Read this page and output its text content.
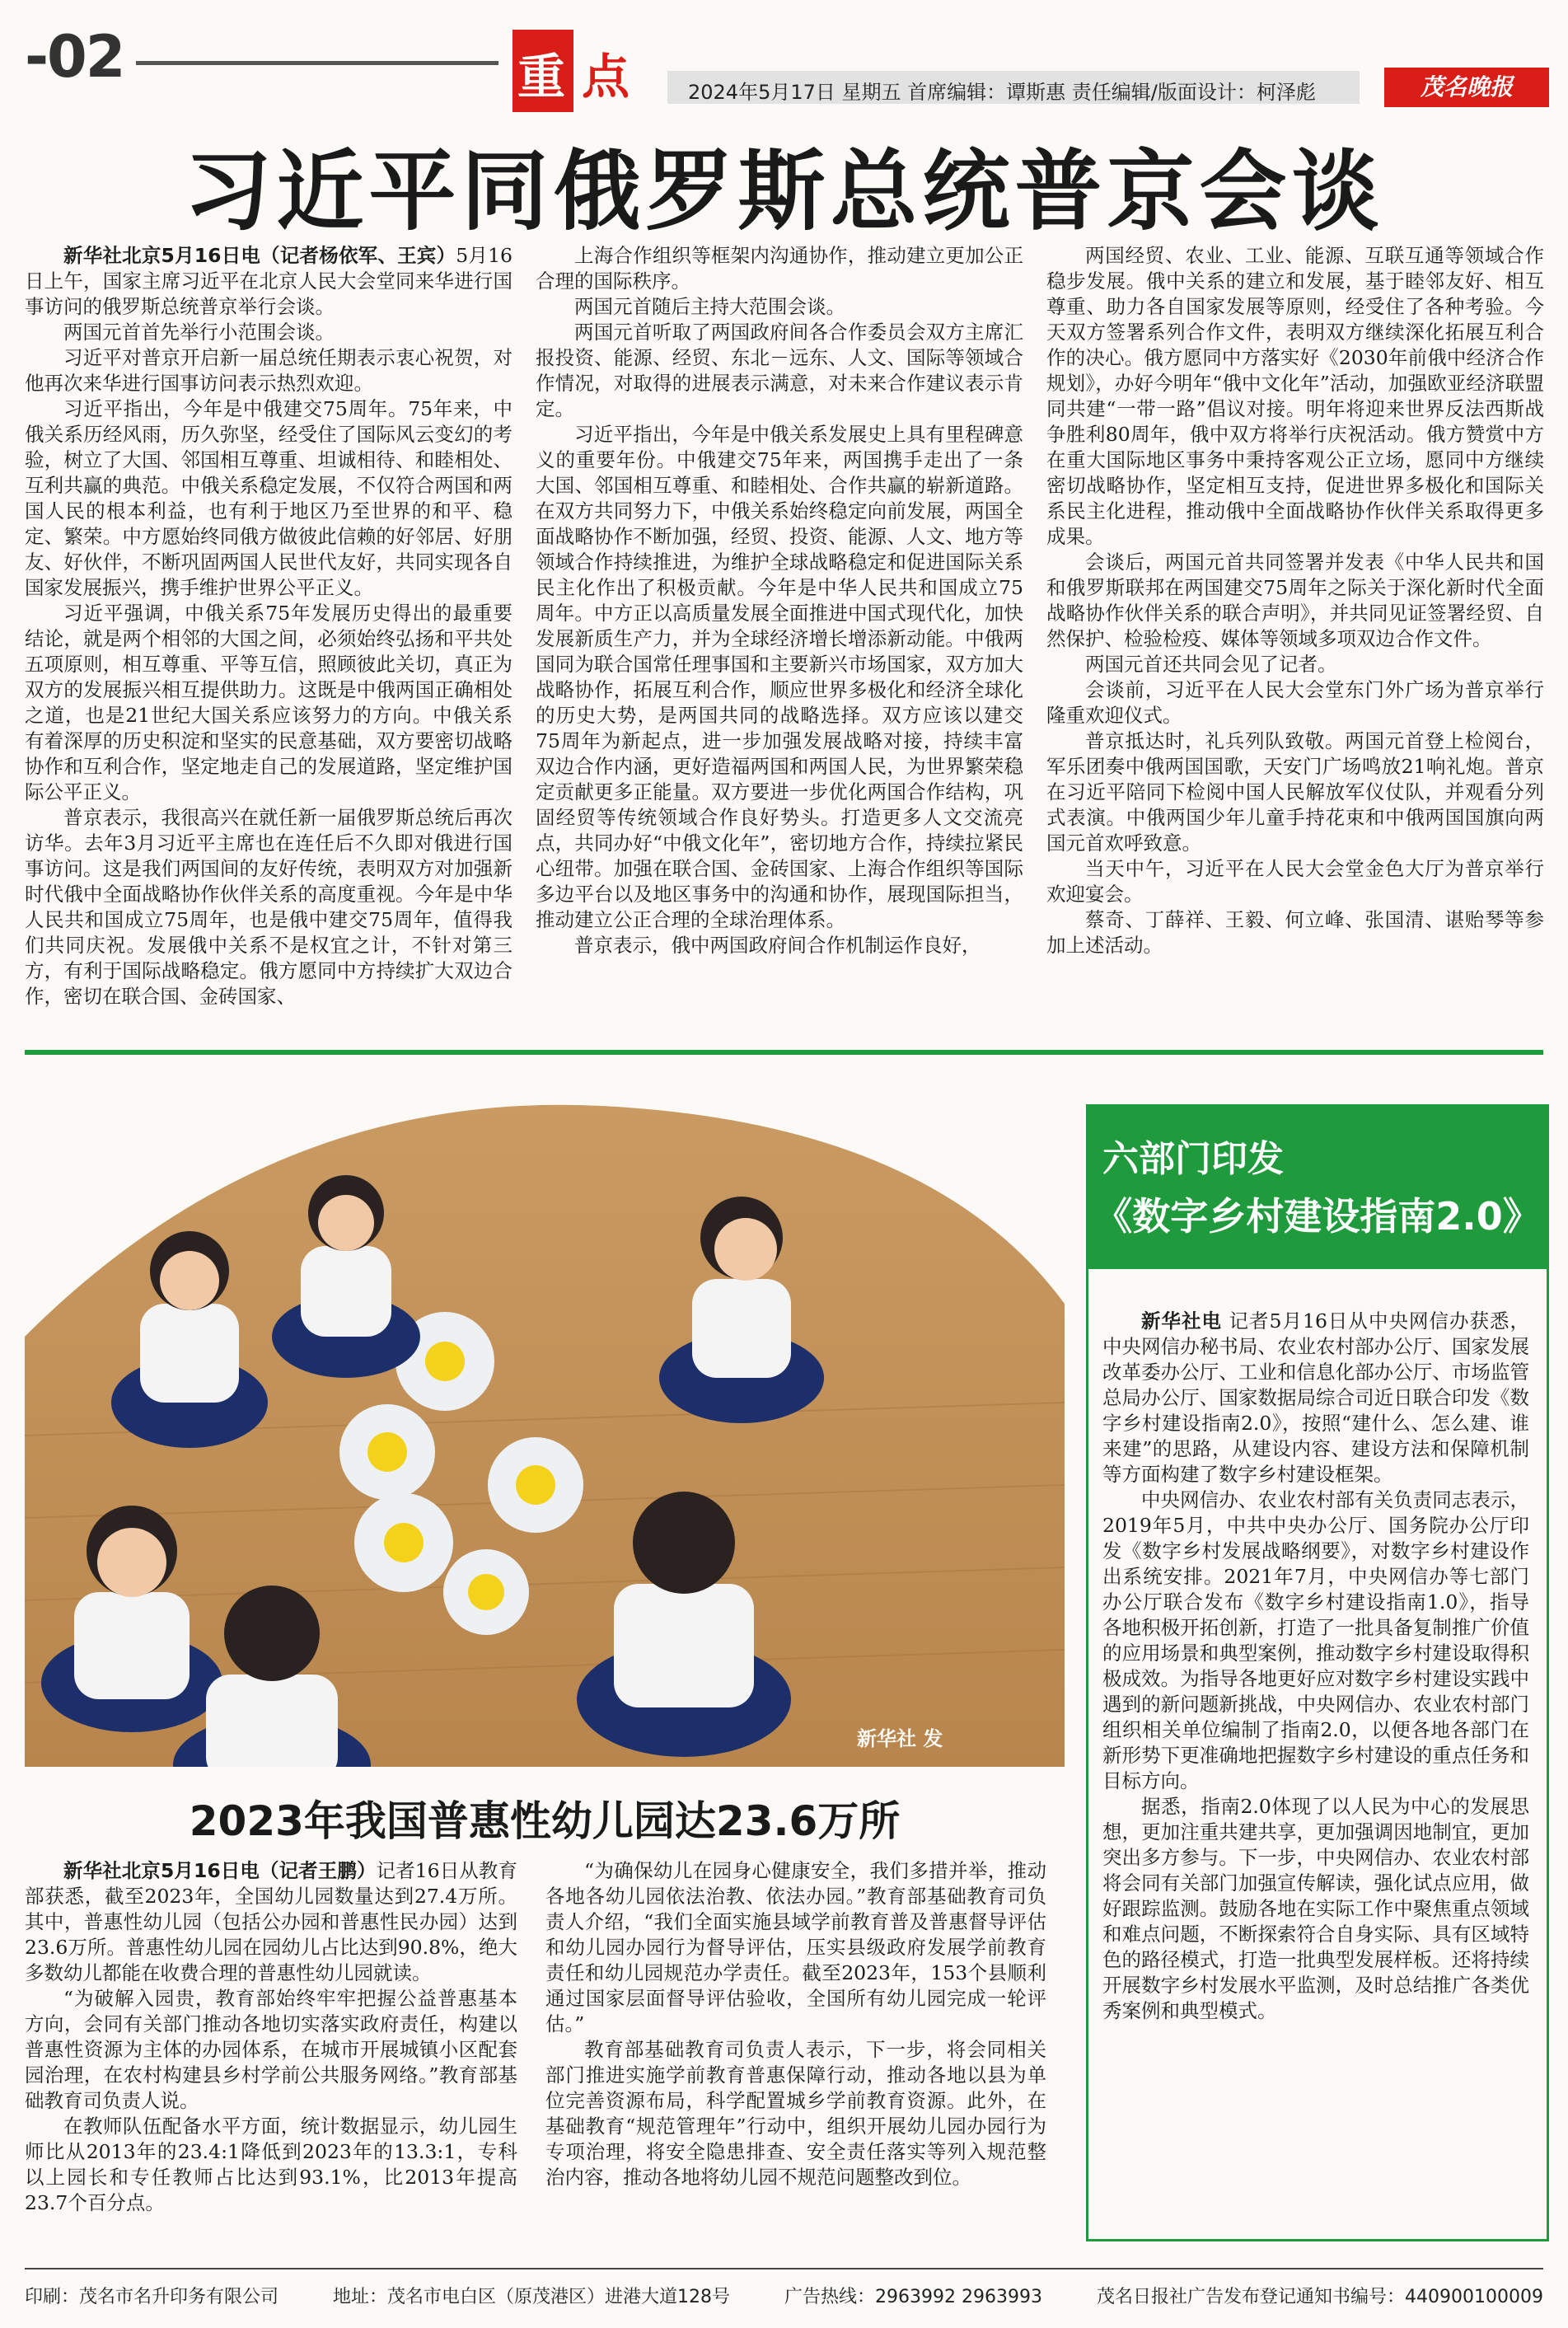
-02	重 点	2024年5月17日 星期五 首席编辑：谭斯惠 责任编辑/版面设计：柯泽彪	茂名晚报
习近平同俄罗斯总统普京会谈

新华社北京5月16日电（记者杨依军、王宾）5月16日上午，国家主席习近平在北京人民大会堂同来华进行国事访问的俄罗斯总统普京举行会谈。

两国元首首先举行小范围会谈。

习近平对普京开启新一届总统任期表示衷心祝贺，对他再次来华进行国事访问表示热烈欢迎。

习近平指出，今年是中俄建交75周年。75年来，中俄关系历经风雨，历久弥坚，经受住了国际风云变幻的考验，树立了大国、邻国相互尊重、坦诚相待、和睦相处、互利共赢的典范。中俄关系稳定发展，不仅符合两国和两国人民的根本利益，也有利于地区乃至世界的和平、稳定、繁荣。中方愿始终同俄方做彼此信赖的好邻居、好朋友、好伙伴，不断巩固两国人民世代友好，共同实现各自国家发展振兴，携手维护世界公平正义。

习近平强调，中俄关系75年发展历史得出的最重要结论，就是两个相邻的大国之间，必须始终弘扬和平共处五项原则，相互尊重、平等互信，照顾彼此关切，真正为双方的发展振兴相互提供助力。这既是中俄两国正确相处之道，也是21世纪大国关系应该努力的方向。中俄关系有着深厚的历史积淀和坚实的民意基础，双方要密切战略协作和互利合作，坚定地走自己的发展道路，坚定维护国际公平正义。

普京表示，我很高兴在就任新一届俄罗斯总统后再次访华。去年3月习近平主席也在连任后不久即对俄进行国事访问。这是我们两国间的友好传统，表明双方对加强新时代俄中全面战略协作伙伴关系的高度重视。今年是中华人民共和国成立75周年，也是俄中建交75周年，值得我们共同庆祝。发展俄中关系不是权宜之计，不针对第三方，有利于国际战略稳定。俄方愿同中方持续扩大双边合作，密切在联合国、金砖国家、

上海合作组织等框架内沟通协作，推动建立更加公正合理的国际秩序。

两国元首随后主持大范围会谈。

两国元首听取了两国政府间各合作委员会双方主席汇报投资、能源、经贸、东北－远东、人文、国际等领域合作情况，对取得的进展表示满意，对未来合作建议表示肯定。

习近平指出，今年是中俄关系发展史上具有里程碑意义的重要年份。中俄建交75年来，两国携手走出了一条大国、邻国相互尊重、和睦相处、合作共赢的崭新道路。在双方共同努力下，中俄关系始终稳定向前发展，两国全面战略协作不断加强，经贸、投资、能源、人文、地方等领域合作持续推进，为维护全球战略稳定和促进国际关系民主化作出了积极贡献。今年是中华人民共和国成立75周年。中方正以高质量发展全面推进中国式现代化，加快发展新质生产力，并为全球经济增长增添新动能。中俄两国同为联合国常任理事国和主要新兴市场国家，双方加大战略协作，拓展互利合作，顺应世界多极化和经济全球化的历史大势，是两国共同的战略选择。双方应该以建交75周年为新起点，进一步加强发展战略对接，持续丰富双边合作内涵，更好造福两国和两国人民，为世界繁荣稳定贡献更多正能量。双方要进一步优化两国合作结构，巩固经贸等传统领域合作良好势头。打造更多人文交流亮点，共同办好“中俄文化年”，密切地方合作，持续拉紧民心纽带。加强在联合国、金砖国家、上海合作组织等国际多边平台以及地区事务中的沟通和协作，展现国际担当，推动建立公正合理的全球治理体系。

普京表示，俄中两国政府间合作机制运作良好，

两国经贸、农业、工业、能源、互联互通等领域合作稳步发展。俄中关系的建立和发展，基于睦邻友好、相互尊重、助力各自国家发展等原则，经受住了各种考验。今天双方签署系列合作文件，表明双方继续深化拓展互利合作的决心。俄方愿同中方落实好《2030年前俄中经济合作规划》，办好今明年“俄中文化年”活动，加强欧亚经济联盟同共建“一带一路”倡议对接。明年将迎来世界反法西斯战争胜利80周年，俄中双方将举行庆祝活动。俄方赞赏中方在重大国际地区事务中秉持客观公正立场，愿同中方继续密切战略协作，坚定相互支持，促进世界多极化和国际关系民主化进程，推动俄中全面战略协作伙伴关系取得更多成果。

会谈后，两国元首共同签署并发表《中华人民共和国和俄罗斯联邦在两国建交75周年之际关于深化新时代全面战略协作伙伴关系的联合声明》，并共同见证签署经贸、自然保护、检验检疫、媒体等领域多项双边合作文件。

两国元首还共同会见了记者。

会谈前，习近平在人民大会堂东门外广场为普京举行隆重欢迎仪式。

普京抵达时，礼兵列队致敬。两国元首登上检阅台，军乐团奏中俄两国国歌，天安门广场鸣放21响礼炮。普京在习近平陪同下检阅中国人民解放军仪仗队，并观看分列式表演。中俄两国少年儿童手持花束和中俄两国国旗向两国元首欢呼致意。

当天中午，习近平在人民大会堂金色大厅为普京举行欢迎宴会。

蔡奇、丁薛祥、王毅、何立峰、张国清、谌贻琴等参加上述活动。

新华社 发
2023年我国普惠性幼儿园达23.6万所

新华社北京5月16日电（记者王鹏）记者16日从教育部获悉，截至2023年，全国幼儿园数量达到27.4万所。其中，普惠性幼儿园（包括公办园和普惠性民办园）达到23.6万所。普惠性幼儿园在园幼儿占比达到90.8%，绝大多数幼儿都能在收费合理的普惠性幼儿园就读。

“为破解入园贵，教育部始终牢牢把握公益普惠基本方向，会同有关部门推动各地切实落实政府责任，构建以普惠性资源为主体的办园体系，在城市开展城镇小区配套园治理，在农村构建县乡村学前公共服务网络。”教育部基础教育司负责人说。

在教师队伍配备水平方面，统计数据显示，幼儿园生师比从2013年的23.4:1降低到2023年的13.3:1，专科以上园长和专任教师占比达到93.1%，比2013年提高23.7个百分点。

“为确保幼儿在园身心健康安全，我们多措并举，推动各地各幼儿园依法治教、依法办园。”教育部基础教育司负责人介绍，“我们全面实施县域学前教育普及普惠督导评估和幼儿园办园行为督导评估，压实县级政府发展学前教育责任和幼儿园规范办学责任。截至2023年，153个县顺利通过国家层面督导评估验收，全国所有幼儿园完成一轮评估。”

教育部基础教育司负责人表示，下一步，将会同相关部门推进实施学前教育普惠保障行动，推动各地以县为单位完善资源布局，科学配置城乡学前教育资源。此外，在基础教育“规范管理年”行动中，组织开展幼儿园办园行为专项治理，将安全隐患排查、安全责任落实等列入规范整治内容，推动各地将幼儿园不规范问题整改到位。

六部门印发
《数字乡村建设指南2.0》

新华社电 记者5月16日从中央网信办获悉，中央网信办秘书局、农业农村部办公厅、国家发展改革委办公厅、工业和信息化部办公厅、市场监管总局办公厅、国家数据局综合司近日联合印发《数字乡村建设指南2.0》，按照“建什么、怎么建、谁来建”的思路，从建设内容、建设方法和保障机制等方面构建了数字乡村建设框架。

中央网信办、农业农村部有关负责同志表示，2019年5月，中共中央办公厅、国务院办公厅印发《数字乡村发展战略纲要》，对数字乡村建设作出系统安排。2021年7月，中央网信办等七部门办公厅联合发布《数字乡村建设指南1.0》，指导各地积极开拓创新，打造了一批具备复制推广价值的应用场景和典型案例，推动数字乡村建设取得积极成效。为指导各地更好应对数字乡村建设实践中遇到的新问题新挑战，中央网信办、农业农村部门组织相关单位编制了指南2.0，以便各地各部门在新形势下更准确地把握数字乡村建设的重点任务和目标方向。

据悉，指南2.0体现了以人民为中心的发展思想，更加注重共建共享，更加强调因地制宜，更加突出多方参与。下一步，中央网信办、农业农村部将会同有关部门加强宣传解读，强化试点应用，做好跟踪监测。鼓励各地在实际工作中聚焦重点领域和难点问题，不断探索符合自身实际、具有区域特色的路径模式，打造一批典型发展样板。还将持续开展数字乡村发展水平监测，及时总结推广各类优秀案例和典型模式。

印刷：茂名市名升印务有限公司	地址：茂名市电白区（原茂港区）进港大道128号	广告热线：2963992 2963993	茂名日报社广告发布登记通知书编号：440900100009
